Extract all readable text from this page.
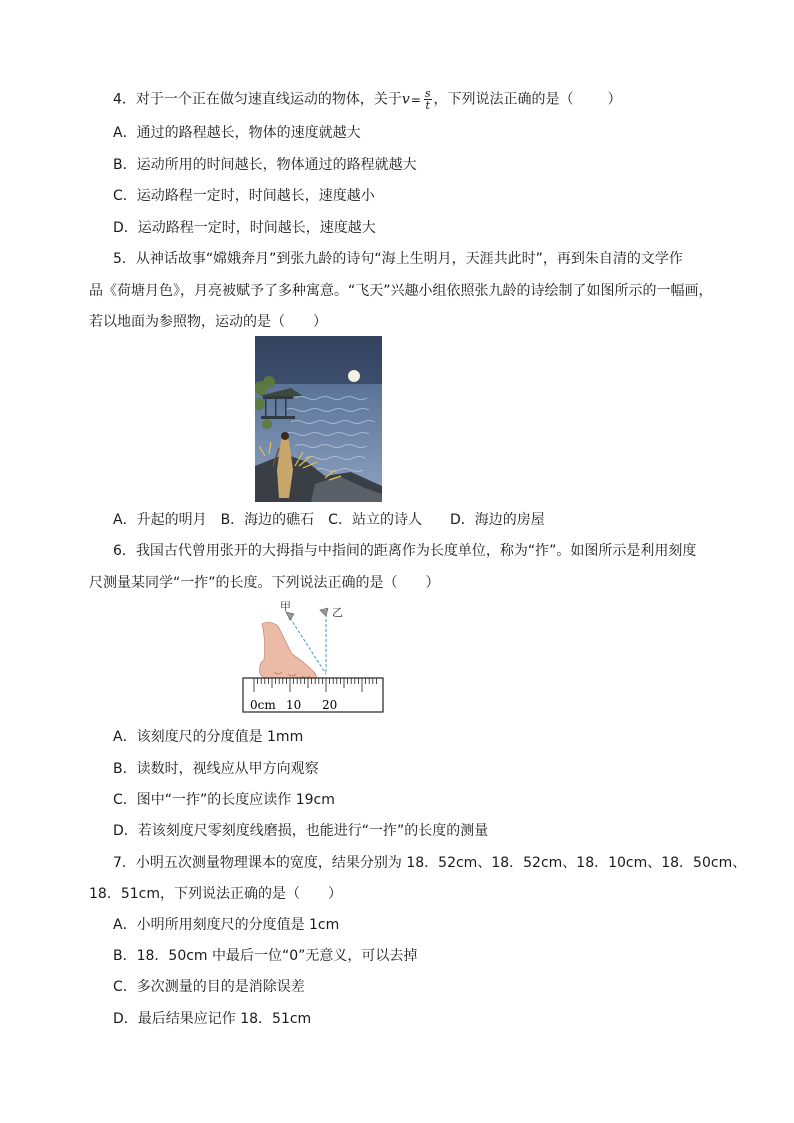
4．对于一个正在做匀速直线运动的物体，关于$v= \frac{s}{t}$ ，下列说法正确的是（ ）
A．通过的路程越长，物体的速度就越大
B．运动所用的时间越长，物体通过的路程就越大
C．运动路程一定时，时间越长，速度越小
D．运动路程一定时，时间越长，速度越大
5．从神话故事“嫦娥奔月”到张九龄的诗句“海上生明月，天涯共此时”，再到朱自清的文学作
品《荷塘月色》，月亮被赋予了多种寓意。“飞天”兴趣小组依照张九龄的诗绘制了如图所示的一幅画，
若以地面为参照物，运动的是（　　）
A．升起的明月　B．海边的礁石　C．站立的诗人　　D．海边的房屋
6．我国古代曾用张开的大拇指与中指间的距离作为长度单位，称为“拃”。如图所示是利用刻度
尺测量某同学“一拃”的长度。下列说法正确的是（　　）
甲	乙
0cm 10 20
A．该刻度尺的分度值是 1mm
B．读数时，视线应从甲方向观察
C．图中“一拃”的长度应读作 19cm
D．若该刻度尺零刻度线磨损，也能进行“一拃”的长度的测量
7．小明五次测量物理课本的宽度，结果分别为 18．52cm、18．52cm、18．10cm、18．50cm、
18．51cm，下列说法正确的是（　　）
A．小明所用刻度尺的分度值是 1cm
B．18．50cm 中最后一位“0”无意义，可以去掉
C．多次测量的目的是消除误差
D．最后结果应记作 18．51cm
